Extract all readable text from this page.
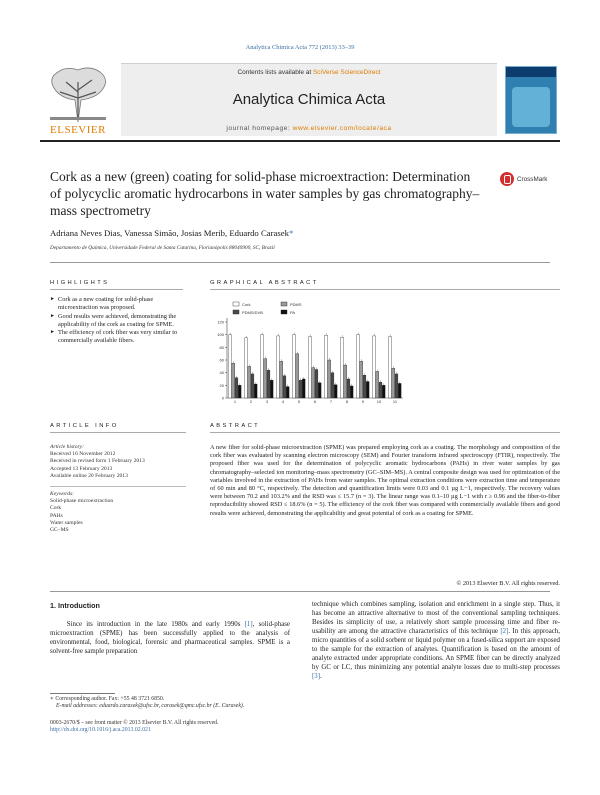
Analytica Chimica Acta 772 (2013) 33–39
ELSEVIER
Contents lists available at SciVerse ScienceDirect
Analytica Chimica Acta
journal homepage: www.elsevier.com/locate/aca
Cork as a new (green) coating for solid-phase microextraction: Determination of polycyclic aromatic hydrocarbons in water samples by gas chromatography–mass spectrometry
CrossMark
Adriana Neves Dias, Vanessa Simão, Josias Merib, Eduardo Carasek*
Departamento de Química, Universidade Federal de Santa Catarina, Florianópolis 88040900, SC, Brazil
HIGHLIGHTS
► Cork as a new coating for solid-phase microextraction was proposed.
► Good results were achieved, demonstrating the applicability of the cork as coating for SPME.
► The efficiency of cork fiber was very similar to commercially available fibers.
GRAPHICAL ABSTRACT
Cork	PDMS
PDMS/DVB	PA
0
20
40
60
80
100
120
1	2	3	4	5	6	7	8	9	10	11
ARTICLE INFO
Article history:
Received 16 November 2012
Received in revised form 1 February 2013
Accepted 13 February 2013
Available online 20 February 2013
Keywords:
Solid-phase microextraction
Cork
PAHs
Water samples
GC–MS
ABSTRACT
A new fiber for solid-phase microextraction (SPME) was prepared employing cork as a coating. The morphology and composition of the cork fiber was evaluated by scanning electron microscopy (SEM) and Fourier transform infrared spectroscopy (FTIR), respectively. The proposed fiber was used for the determination of polycyclic aromatic hydrocarbons (PAHs) in river water samples by gas chromatography–selected ion monitoring–mass spectrometry (GC–SIM–MS). A central composite design was used for optimization of the variables involved in the extraction of PAHs from water samples. The optimal extraction conditions were extraction time and temperature of 60 min and 80 °C, respectively. The detection and quantification limits were 0.03 and 0.1 µg L−1, respectively. The recovery values were between 70.2 and 103.2% and the RSD was ≤ 15.7 (n = 3). The linear range was 0.1–10 µg L−1 with r ≥ 0.96 and the fiber-to-fiber reproducibility showed RSD ≤ 18.6% (n = 5). The efficiency of the cork fiber was compared with commercially available fibers and good results were achieved, demonstrating the applicability and great potential of cork as a coating for SPME.
© 2013 Elsevier B.V. All rights reserved.
1. Introduction
Since its introduction in the late 1980s and early 1990s [1], solid-phase microextraction (SPME) has been successfully applied to the analysis of environmental, food, biological, forensic and pharmaceutical samples. SPME is a solvent-free sample preparation
technique which combines sampling, isolation and enrichment in a single step. Thus, it has become an attractive alternative to most of the conventional sampling techniques. Besides its simplicity of use, a relatively short sample processing time and fiber re-usability are among the attractive characteristics of this technique [2]. In this approach, micro quantities of a solid sorbent or liquid polymer on a fused-silica support are exposed to the sample for the extraction of analytes. Quantification is based on the amount of analyte extracted under appropriate conditions. An SPME fiber can be directly analyzed by GC or LC, thus minimizing any potential analyte losses due to multi-step processes [3].
∗ Corresponding author. Fax: +55 48 3721 6850.
E-mail addresses: eduardo.carasek@ufsc.br, carasek@qmc.ufsc.br (E. Carasek).
0003-2670/$ – see front matter © 2013 Elsevier B.V. All rights reserved.
http://dx.doi.org/10.1016/j.aca.2013.02.021
